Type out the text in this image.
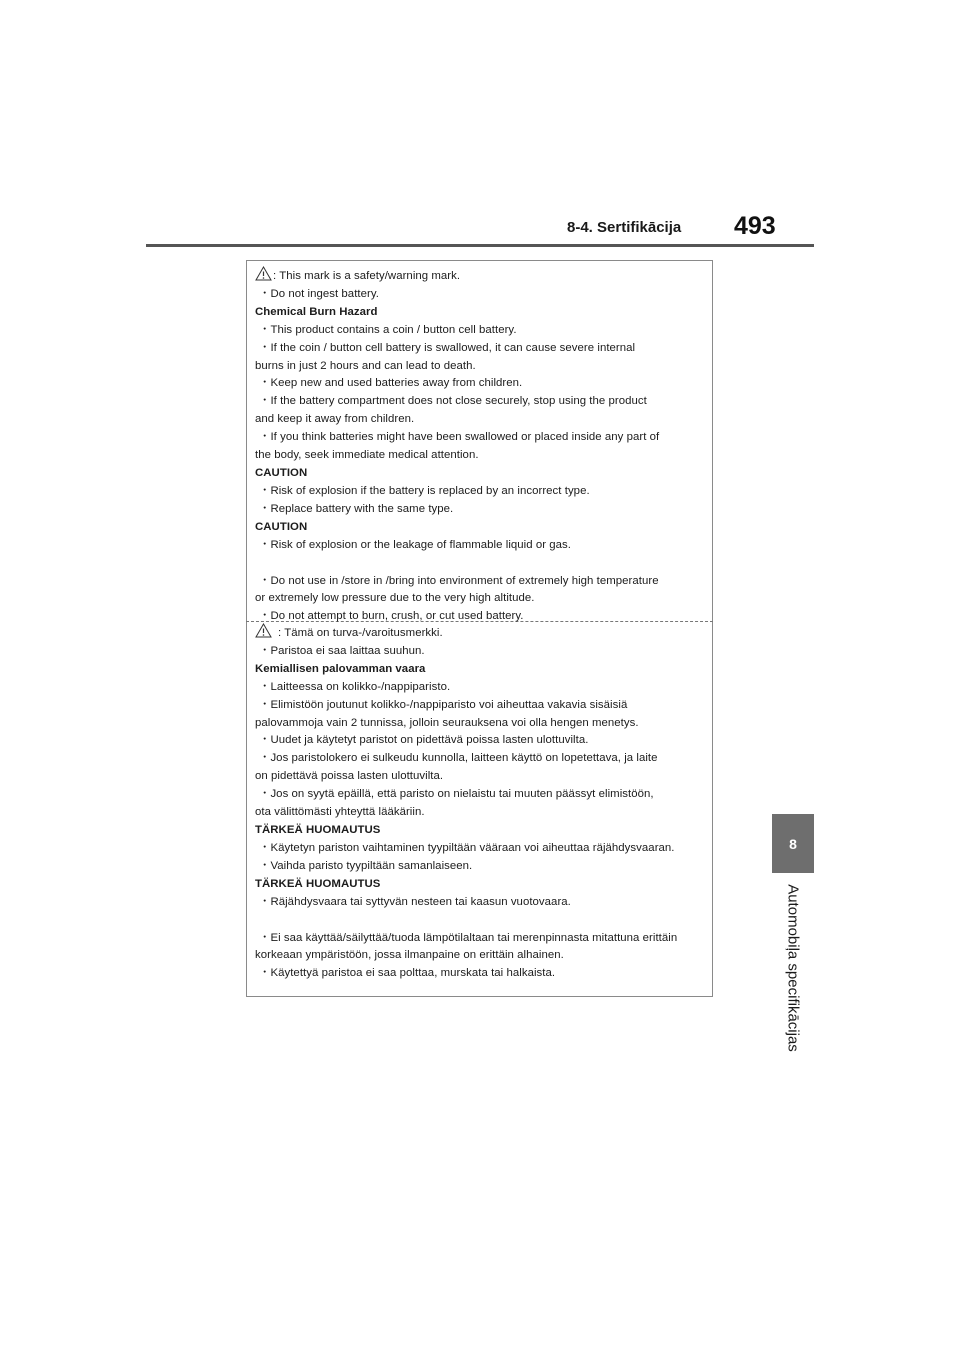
8-4. Sertifikācija 493
8
Automobiļa specifikācijas

: This mark is a safety/warning mark.

・Do not ingest battery.

Chemical Burn Hazard

・This product contains a coin / button cell battery.

・If the coin / button cell battery is swallowed, it can cause severe internal

burns in just 2 hours and can lead to death.

・Keep new and used batteries away from children.

・If the battery compartment does not close securely, stop using the product

and keep it away from children.

・If you think batteries might have been swallowed or placed inside any part of

the body, seek immediate medical attention.

CAUTION

・Risk of explosion if the battery is replaced by an incorrect type.

・Replace battery with the same type.

CAUTION

・Risk of explosion or the leakage of flammable liquid or gas.

・Do not use in /store in /bring into environment of extremely high temperature

or extremely low pressure due to the very high altitude.

・Do not attempt to burn, crush, or cut used battery.

: Tämä on turva-/varoitusmerkki.

・Paristoa ei saa laittaa suuhun.

Kemiallisen palovamman vaara

・Laitteessa on kolikko-/nappiparisto.

・Elimistöön joutunut kolikko-/nappiparisto voi aiheuttaa vakavia sisäisiä

palovammoja vain 2 tunnissa, jolloin seurauksena voi olla hengen menetys.

・Uudet ja käytetyt paristot on pidettävä poissa lasten ulottuvilta.

・Jos paristolokero ei sulkeudu kunnolla, laitteen käyttö on lopetettava, ja laite

on pidettävä poissa lasten ulottuvilta.

・Jos on syytä epäillä, että paristo on nielaistu tai muuten päässyt elimistöön,

ota välittömästi yhteyttä lääkäriin.

TÄRKEÄ HUOMAUTUS

・Käytetyn pariston vaihtaminen tyypiltään vääraan voi aiheuttaa räjähdysvaaran.

・Vaihda paristo tyypiltään samanlaiseen.

TÄRKEÄ HUOMAUTUS

・Räjähdysvaara tai syttyvän nesteen tai kaasun vuotovaara.

・Ei saa käyttää/säilyttää/tuoda lämpötilaltaan tai merenpinnasta mitattuna erittäin

korkeaan ympäristöön, jossa ilmanpaine on erittäin alhainen.

・Käytettyä paristoa ei saa polttaa, murskata tai halkaista.
